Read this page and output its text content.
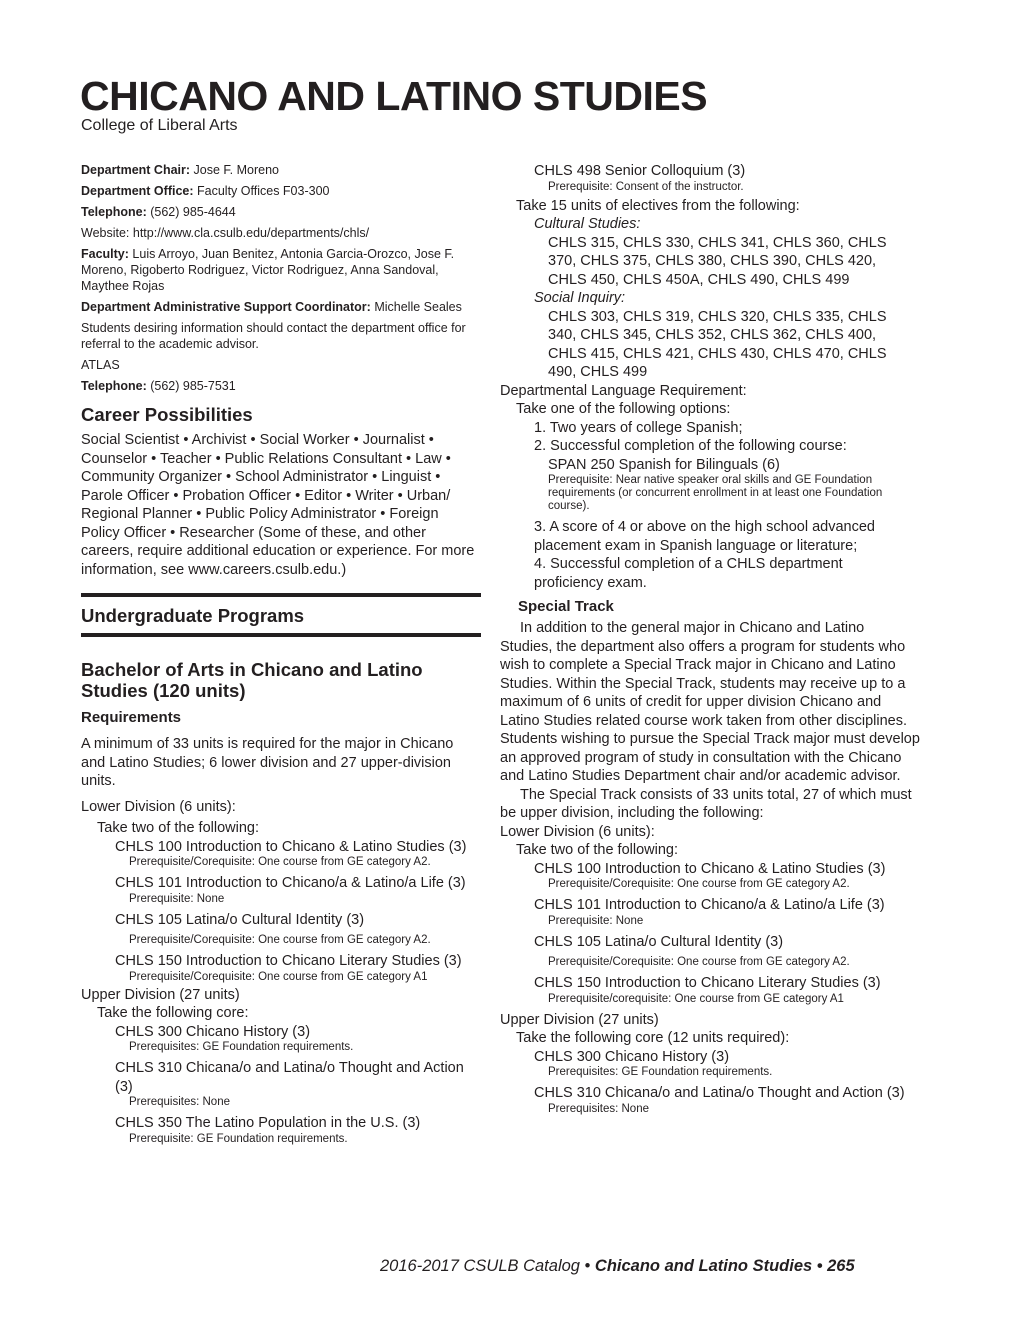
CHICANO AND LATINO STUDIES
College of Liberal Arts

Department Chair: Jose F. Moreno

Department Office: Faculty Offices F03-300

Telephone: (562) 985-4644

Website: http://www.cla.csulb.edu/departments/chls/

Faculty: Luis Arroyo, Juan Benitez, Antonia Garcia-Orozco, Jose F. Moreno, Rigoberto Rodriguez, Victor Rodriguez, Anna Sandoval, Maythee Rojas

Department Administrative Support Coordinator: Michelle Seales

Students desiring information should contact the department office for referral to the academic advisor.

ATLAS

Telephone: (562) 985-7531

Career Possibilities

Social Scientist • Archivist • Social Worker • Journalist • Counselor • Teacher • Public Relations Consultant • Law • Community Organizer • School Administrator • Linguist • Parole Officer • Probation Officer • Editor • Writer • Urban/ Regional Planner • Public Policy Administrator • Foreign Policy Officer • Researcher (Some of these, and other careers, require additional education or experience. For more information, see www.careers.csulb.edu.)

Undergraduate Programs
Bachelor of Arts in Chicano and Latino Studies (120 units)
Requirements

A minimum of 33 units is required for the major in Chicano and Latino Studies; 6 lower division and 27 upper-division units.

Lower Division (6 units):

Take two of the following:

CHLS 100 Introduction to Chicano & Latino Studies (3)

Prerequisite/Corequisite: One course from GE category A2.

CHLS 101 Introduction to Chicano/a & Latino/a Life (3)

Prerequisite: None

CHLS 105 Latina/o Cultural Identity (3)

Prerequisite/Corequisite: One course from GE category A2.

CHLS 150 Introduction to Chicano Literary Studies (3)

Prerequisite/Corequisite: One course from GE category A1

Upper Division (27 units)

Take the following core:

CHLS 300 Chicano History (3)

Prerequisites: GE Foundation requirements.

CHLS 310 Chicana/o and Latina/o Thought and Action (3)

Prerequisites: None

CHLS 350 The Latino Population in the U.S. (3)

Prerequisite: GE Foundation requirements.

CHLS 498 Senior Colloquium (3)

Prerequisite: Consent of the instructor.

Take 15 units of electives from the following:

Cultural Studies:

CHLS 315, CHLS 330, CHLS 341, CHLS 360, CHLS 370, CHLS 375, CHLS 380, CHLS 390, CHLS 420, CHLS 450, CHLS 450A, CHLS 490, CHLS 499

Social Inquiry:

CHLS 303, CHLS 319, CHLS 320, CHLS 335, CHLS 340, CHLS 345, CHLS 352, CHLS 362, CHLS 400, CHLS 415, CHLS 421, CHLS 430, CHLS 470, CHLS 490, CHLS 499

Departmental Language Requirement:

Take one of the following options:

1. Two years of college Spanish;

2. Successful completion of the following course:

SPAN 250 Spanish for Bilinguals (6)

Prerequisite: Near native speaker oral skills and GE Foundation requirements (or concurrent enrollment in at least one Foundation course).

3. A score of 4 or above on the high school advanced placement exam in Spanish language or literature;

4. Successful completion of a CHLS department proficiency exam.

Special Track

In addition to the general major in Chicano and Latino Studies, the department also offers a program for students who wish to complete a Special Track major in Chicano and Latino Studies. Within the Special Track, students may receive up to a maximum of 6 units of credit for upper division Chicano and Latino Studies related course work taken from other disciplines. Students wishing to pursue the Special Track major must develop an approved program of study in consultation with the Chicano and Latino Studies Department chair and/or academic advisor.

The Special Track consists of 33 units total, 27 of which must be upper division, including the following:

Lower Division (6 units):

Take two of the following:

CHLS 100 Introduction to Chicano & Latino Studies (3)

Prerequisite/Corequisite: One course from GE category A2.

CHLS 101 Introduction to Chicano/a & Latino/a Life (3)

Prerequisite: None

CHLS 105 Latina/o Cultural Identity (3)

Prerequisite/Corequisite: One course from GE category A2.

CHLS 150 Introduction to Chicano Literary Studies (3)

Prerequisite/corequisite: One course from GE category A1

Upper Division (27 units)

Take the following core (12 units required):

CHLS 300 Chicano History (3)

Prerequisites: GE Foundation requirements.

CHLS 310 Chicana/o and Latina/o Thought and Action (3)

Prerequisites: None

2016-2017 CSULB Catalog • Chicano and Latino Studies • 265
